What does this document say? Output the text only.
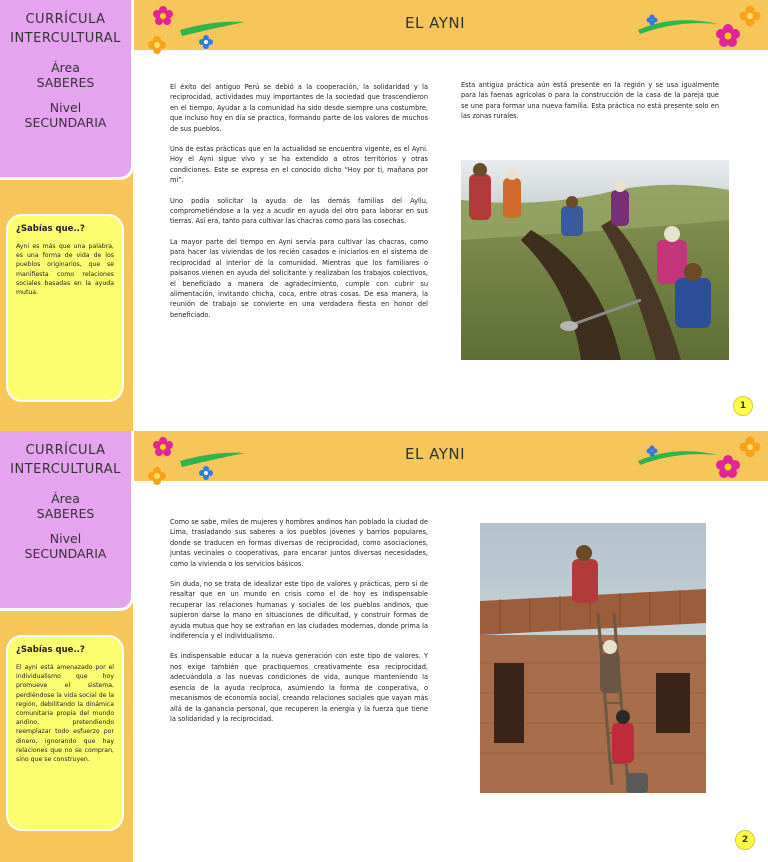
EL AYNI
CURRÍCULA
INTERCULTURAL
Área
SABERES
Nivel
SECUNDARIA
¿Sabías que..?

Ayni es más que una palabra, es una forma de vida de los pueblos originarios, que se manifiesta como relaciones sociales basadas en la ayuda mutua.

El éxito del antiguo Perú se debió a la cooperación, la solidaridad y la reciprocidad, actividades muy importantes de la sociedad que trascendieron en el tiempo. Ayudar a la comunidad ha sido desde siempre una costumbre, que incluso hoy en día se practica, formando parte de los valores de muchos de sus pueblos.

Una de estas prácticas que en la actualidad se encuentra vigente, es el Ayni. Hoy el Ayni sigue vivo y se ha extendido a otros territorios y otras condiciones. Este se expresa en el conocido dicho “Hoy por ti, mañana por mí”.

Uno podía solicitar la ayuda de las demás familias del Ayllu, comprometiéndose a la vez a acudir en ayuda del otro para laborar en sus tierras. Así era, tanto para cultivar las chacras como para las cosechas.

La mayor parte del tiempo en Ayni servía para cultivar las chacras, como para hacer las viviendas de los recién casados e iniciarlos en el sistema de reciprocidad al interior de la comunidad. Mientras que los familiares o paisanos vienen en ayuda del solicitante y realizaban los trabajos colectivos, el beneficiado a manera de agradecimiento, cumple con cubrir su alimentación, invitando chicha, coca, entre otras cosas. De esa manera, la reunión de trabajo se convierte en una verdadera fiesta en honor del beneficiado.

Esta antigua práctica aún está presente en la región y se usa igualmente para las faenas agrícolas o para la construcción de la casa de la pareja que se une para formar una nueva familia. Esta práctica no está presente solo en las zonas rurales.

1
EL AYNI
CURRÍCULA
INTERCULTURAL
Área
SABERES
Nivel
SECUNDARIA
¿Sabías que..?

El ayni está amenazado por el individualismo que hoy promueve el sistema, perdiéndose la vida social de la región, debilitando la dinámica comunitaria propia del mundo andino, pretendiendo reemplazar todo esfuerzo por dinero, ignorando que hay relaciones que no se compran, sino que se construyen.

Como se sabe, miles de mujeres y hombres andinos han poblado la ciudad de Lima, trasladando sus saberes a los pueblos jóvenes y barrios populares, donde se traducen en formas diversas de reciprocidad, como asociaciones, juntas vecinales o cooperativas, para encarar juntos diversas necesidades, como la vivienda o los servicios básicos.

Sin duda, no se trata de idealizar este tipo de valores y prácticas, pero sí de resaltar que en un mundo en crisis como el de hoy es indispensable recuperar las relaciones humanas y sociales de los pueblos andinos, que supieron darse la mano en situaciones de dificultad, y construir formas de ayuda mutua que hoy se extrañan en las ciudades modernas, donde prima la indiferencia y el individualismo.

Es indispensable educar a la nueva generación con este tipo de valores. Y nos exige también que practiquemos creativamente esa reciprocidad, adecuándola a las nuevas condiciones de vida, aunque manteniendo la esencia de la ayuda recíproca, asumiendo la forma de cooperativa, o mecanismos de economía social, creando relaciones sociales que vayan más allá de la ganancia personal, que recuperen la energía y la fuerza que tiene la solidaridad y la reciprocidad.

2
